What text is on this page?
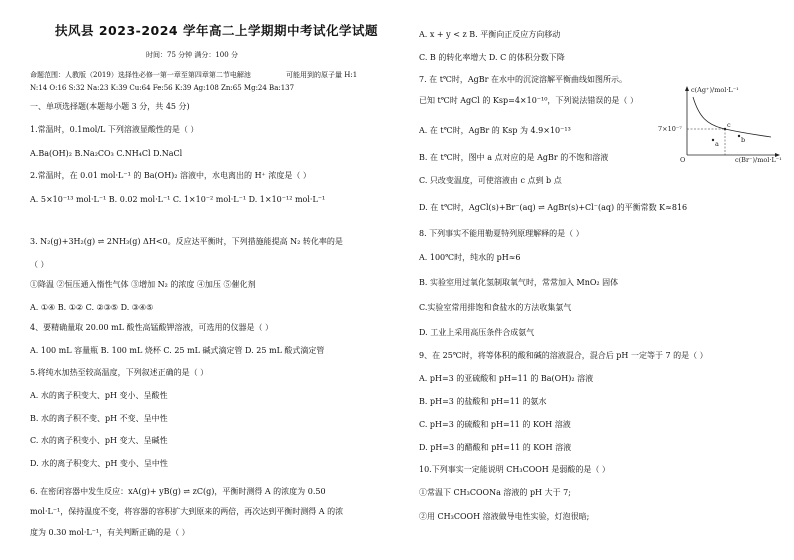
扶风县 2023-2024 学年高二上学期期中考试化学试题
时间：75 分钟 满分：100 分
命题范围：人教版（2019）选择性必修一第一章至第四章第二节电解池	可能用到的原子量 H:1
N:14 O:16 S:32 Na:23 K:39 Cu:64 Fe:56 K:39 Ag:108 Zn:65 Mg:24 Ba:137
一、单项选择题(本题每小题 3 分，共 45 分)
1.常温时，0.1mol/L 下列溶液显酸性的是（ ）
A.Ba(OH)₂ B.Na₂CO₃ C.NH₄Cl D.NaCl
2.常温时，在 0.01 mol·L⁻¹ 的 Ba(OH)₂ 溶液中，水电离出的 H⁺ 浓度是（ ）
A. 5×10⁻¹³ mol·L⁻¹ B. 0.02 mol·L⁻¹ C. 1×10⁻² mol·L⁻¹ D. 1×10⁻¹² mol·L⁻¹
3. N₂(g)+3H₂(g) ⇌ 2NH₃(g) ΔH<0。反应达平衡时，下列措施能提高 N₂ 转化率的是
（ ）
①降温 ②恒压通入惰性气体 ③增加 N₂ 的浓度 ④加压 ⑤催化剂
A. ①④ B. ①② C. ②③⑤ D. ③④⑤
4、要精确量取 20.00 mL 酸性高锰酸钾溶液，可选用的仪器是（ ）
A. 100 mL 容量瓶 B. 100 mL 烧杯 C. 25 mL 碱式滴定管 D. 25 mL 酸式滴定管
5.将纯水加热至较高温度，下列叙述正确的是（ ）
A. 水的离子积变大、pH 变小、呈酸性
B. 水的离子积不变、pH 不变、呈中性
C. 水的离子积变小、pH 变大、呈碱性
D. 水的离子积变大、pH 变小、呈中性
6. 在密闭容器中发生反应：xA(g)+ yB(g) ⇌ zC(g)，平衡时测得 A 的浓度为 0.50
mol·L⁻¹，保持温度不变，将容器的容积扩大到原来的两倍，再次达到平衡时测得 A 的浓
度为 0.30 mol·L⁻¹，有关判断正确的是（ ）
A. x + y < z B. 平衡向正反应方向移动
C. B 的转化率增大 D. C 的体积分数下降
7. 在 t℃时，AgBr 在水中的沉淀溶解平衡曲线如图所示。
已知 t℃时 AgCl 的 Ksp=4×10⁻¹⁰，下列说法错误的是（ ）
A. 在 t℃时，AgBr 的 Ksp 为 4.9×10⁻¹³
B. 在 t℃时，图中 a 点对应的是 AgBr 的不饱和溶液
C. 只改变温度，可使溶液由 c 点到 b 点
D. 在 t℃时，AgCl(s)+Br⁻(aq) ⇌ AgBr(s)+Cl⁻(aq) 的平衡常数 K≈816
8. 下列事实不能用勒夏特列原理解释的是（ ）
A. 100℃时，纯水的 pH≈6
B. 实验室用过氧化氢制取氧气时，常常加入 MnO₂ 固体
C.实验室常用排饱和食盐水的方法收集氯气
D. 工业上采用高压条件合成氨气
9、在 25℃时，将等体积的酸和碱的溶液混合，混合后 pH 一定等于 7 的是（ ）
A. pH=3 的亚硫酸和 pH=11 的 Ba(OH)₂ 溶液
B. pH=3 的盐酸和 pH=11 的氨水
C. pH=3 的硫酸和 pH=11 的 KOH 溶液
D. pH=3 的醋酸和 pH=11 的 KOH 溶液
10.下列事实一定能说明 CH₃COOH 是弱酸的是（ ）
①常温下 CH₃COONa 溶液的 pH 大于 7;
②用 CH₃COOH 溶液做导电性实验，灯泡很暗;
c(Ag⁺)/mol·L⁻¹
c(Br⁻)/mol·L⁻¹
O
7×10⁻⁷	c
a	b
